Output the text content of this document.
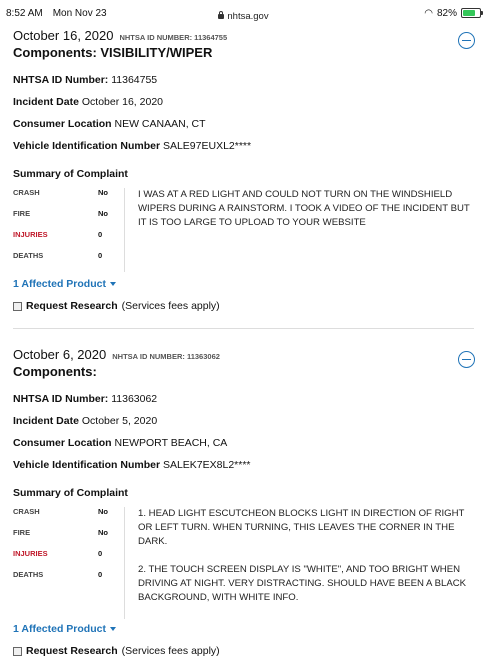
8:52 AM Mon Nov 23	nhtsa.gov	◠ 82%
October 16, 2020 NHTSA ID NUMBER: 11364755
Components: VISIBILITY/WIPER
NHTSA ID Number: 11364755
Incident Date October 16, 2020
Consumer Location NEW CANAAN, CT
Vehicle Identification Number SALE97EUXL2****
Summary of Complaint
CRASH	No
FIRE	No
INJURIES	0
DEATHS	0

I WAS AT A RED LIGHT AND COULD NOT TURN ON THE WINDSHIELD WIPERS DURING A RAINSTORM. I TOOK A VIDEO OF THE INCIDENT BUT IT IS TOO LARGE TO UPLOAD TO YOUR WEBSITE

1 Affected Product
Request Research (Services fees apply)
October 6, 2020 NHTSA ID NUMBER: 11363062
Components:
NHTSA ID Number: 11363062
Incident Date October 5, 2020
Consumer Location NEWPORT BEACH, CA
Vehicle Identification Number SALEK7EX8L2****
Summary of Complaint
CRASH	No
FIRE	No
INJURIES	0
DEATHS	0

1. HEAD LIGHT ESCUTCHEON BLOCKS LIGHT IN DIRECTION OF RIGHT OR LEFT TURN. WHEN TURNING, THIS LEAVES THE CORNER IN THE DARK.

2. THE TOUCH SCREEN DISPLAY IS "WHITE", AND TOO BRIGHT WHEN DRIVING AT NIGHT. VERY DISTRACTING. SHOULD HAVE BEEN A BLACK BACKGROUND, WITH WHITE INFO.

1 Affected Product
Request Research (Services fees apply)
